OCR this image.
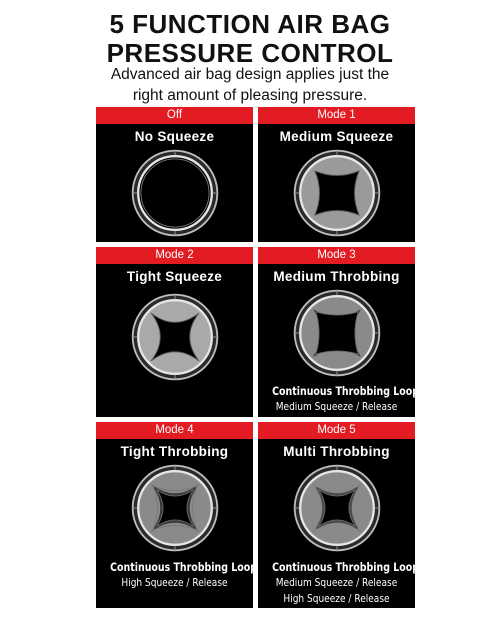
5 FUNCTION AIR BAG
PRESSURE CONTROL
Advanced air bag design applies just the
right amount of pleasing pressure.
Off
No Squeeze
Mode 1
Medium Squeeze
Mode 2
Tight Squeeze
Mode 3
Medium Throbbing
Continuous Throbbing Loop
Medium Squeeze / Release
Mode 4
Tight Throbbing
Continuous Throbbing Loop
High Squeeze / Release
Mode 5
Multi Throbbing
Continuous Throbbing Loop
Medium Squeeze / Release
High Squeeze / Release
